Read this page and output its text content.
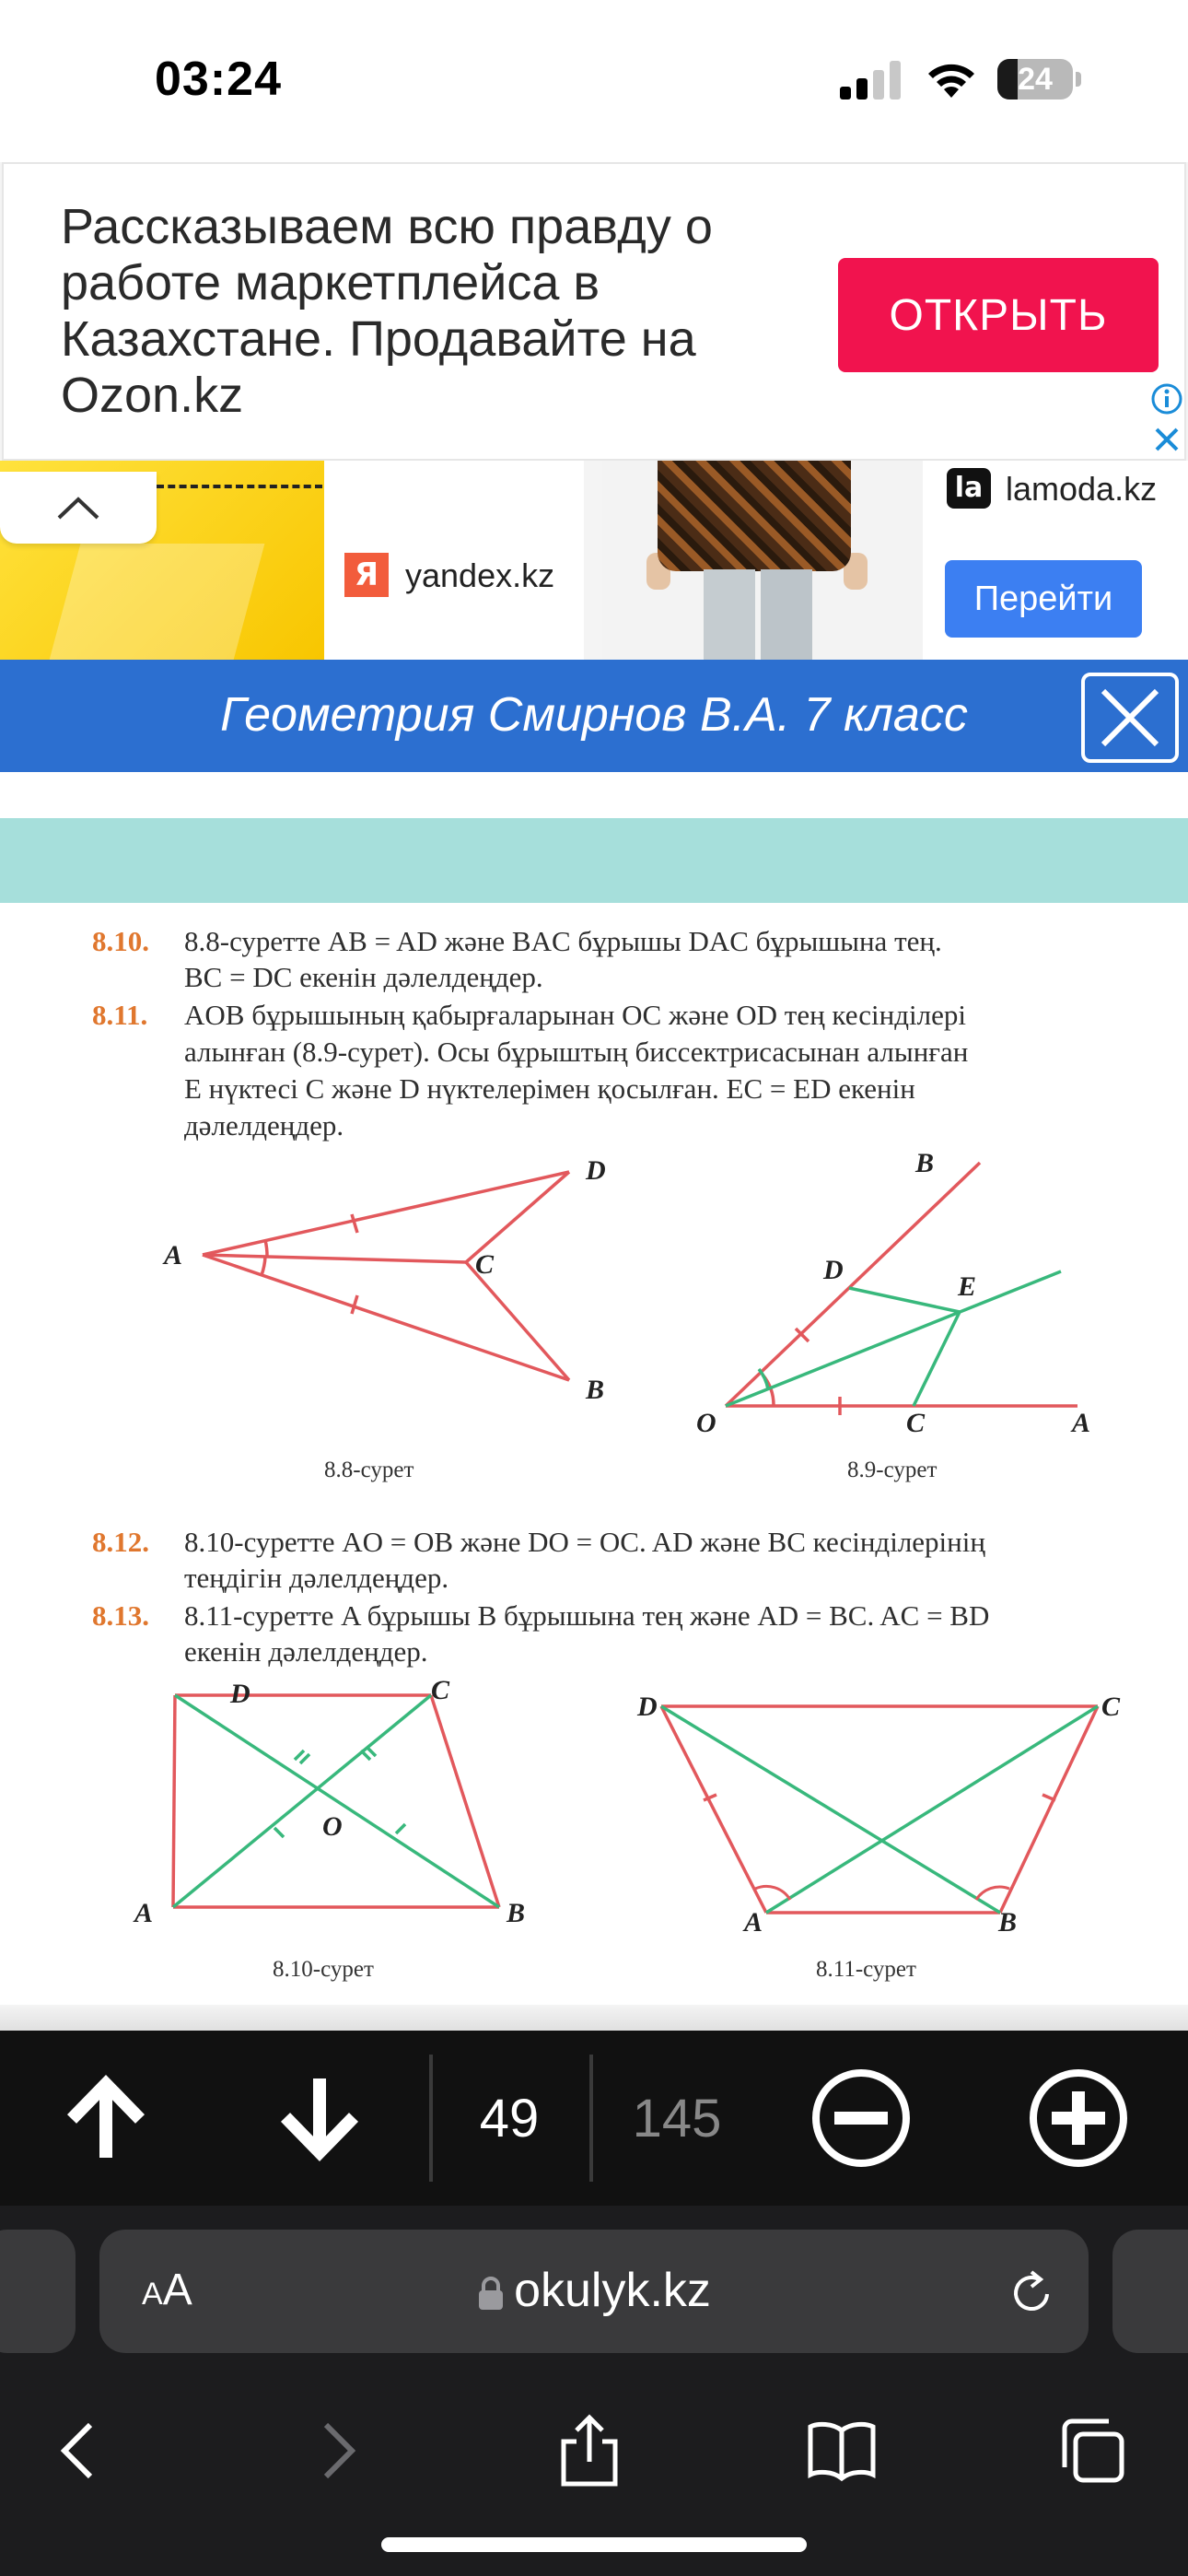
03:24	24
Рассказываем всю правду о работе маркетплейса в Казахстане. Продавайте на Ozon.kz
ОТКРЫТЬ
Я yandex.kz
la lamoda.kz
Перейти
Геометрия Смирнов В.А. 7 класс
8.10. 8.8-суретте AB = AD және BAC бұрышы DAC бұрышына тең.
BC = DC екенін дәлелдеңдер.
8.11. AOB бұрышының қабырғаларынан OC және OD тең кесінділері
алынған (8.9-сурет). Осы бұрыштың биссектрисасынан алынған
E нүктесі C және D нүктелерімен қосылған. EC = ED екенін
дәлелдеңдер.
A
B
C
D
8.8-сурет
O	A
B
C
D
E
8.9-сурет
8.12. 8.10-суретте AO = OB және DO = OC. AD және BC кесінділерінің
теңдігін дәлелдеңдер.
8.13. 8.11-суретте A бұрышы B бұрышына тең және AD = BC. AC = BD
екенін дәлелдеңдер.
D	C
A	B
O
8.10-сурет
D	C
A	B
8.11-сурет
49	145
AA	okulyk.kz
